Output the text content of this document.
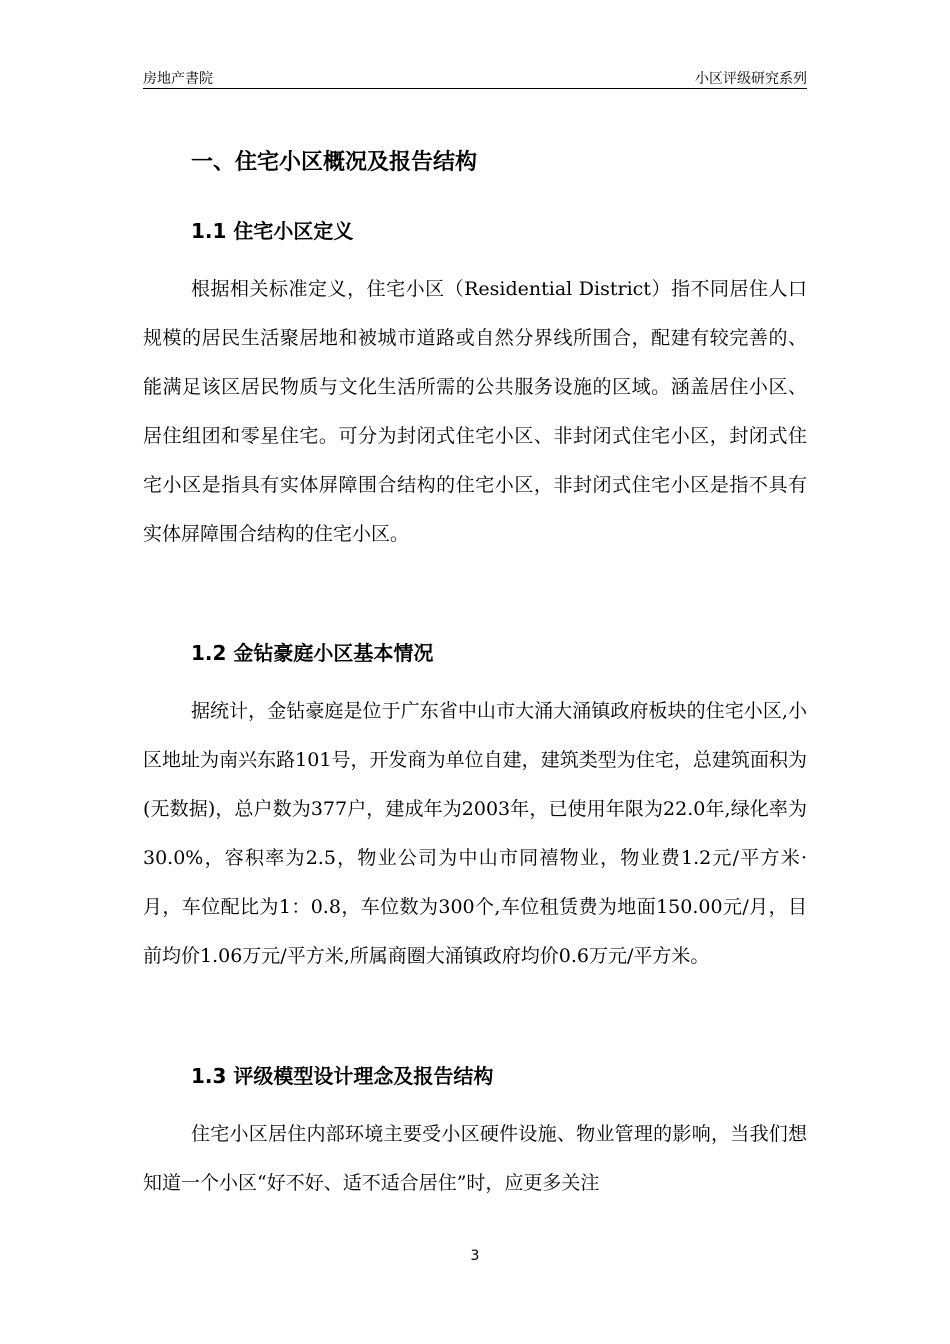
房地产書院	小区评级研究系列
一、住宅小区概况及报告结构
1.1 住宅小区定义

根据相关标准定义，住宅小区（Residential District）指不同居住人口规模的居民生活聚居地和被城市道路或自然分界线所围合，配建有较完善的、能满足该区居民物质与文化生活所需的公共服务设施的区域。涵盖居住小区、居住组团和零星住宅。可分为封闭式住宅小区、非封闭式住宅小区，封闭式住宅小区是指具有实体屏障围合结构的住宅小区，非封闭式住宅小区是指不具有实体屏障围合结构的住宅小区。

1.2 金钻豪庭小区基本情况

据统计，金钻豪庭是位于广东省中山市大涌大涌镇政府板块的住宅小区,小区地址为南兴东路101号，开发商为单位自建，建筑类型为住宅，总建筑面积为(无数据)，总户数为377户，建成年为2003年，已使用年限为22.0年,绿化率为30.0%，容积率为2.5，物业公司为中山市同禧物业，物业费1.2元/平方米·月，车位配比为1：0.8，车位数为300个,车位租赁费为地面150.00元/月，目前均价1.06万元/平方米,所属商圈大涌镇政府均价0.6万元/平方米。

1.3 评级模型设计理念及报告结构

住宅小区居住内部环境主要受小区硬件设施、物业管理的影响，当我们想知道一个小区“好不好、适不适合居住”时，应更多关注

3
